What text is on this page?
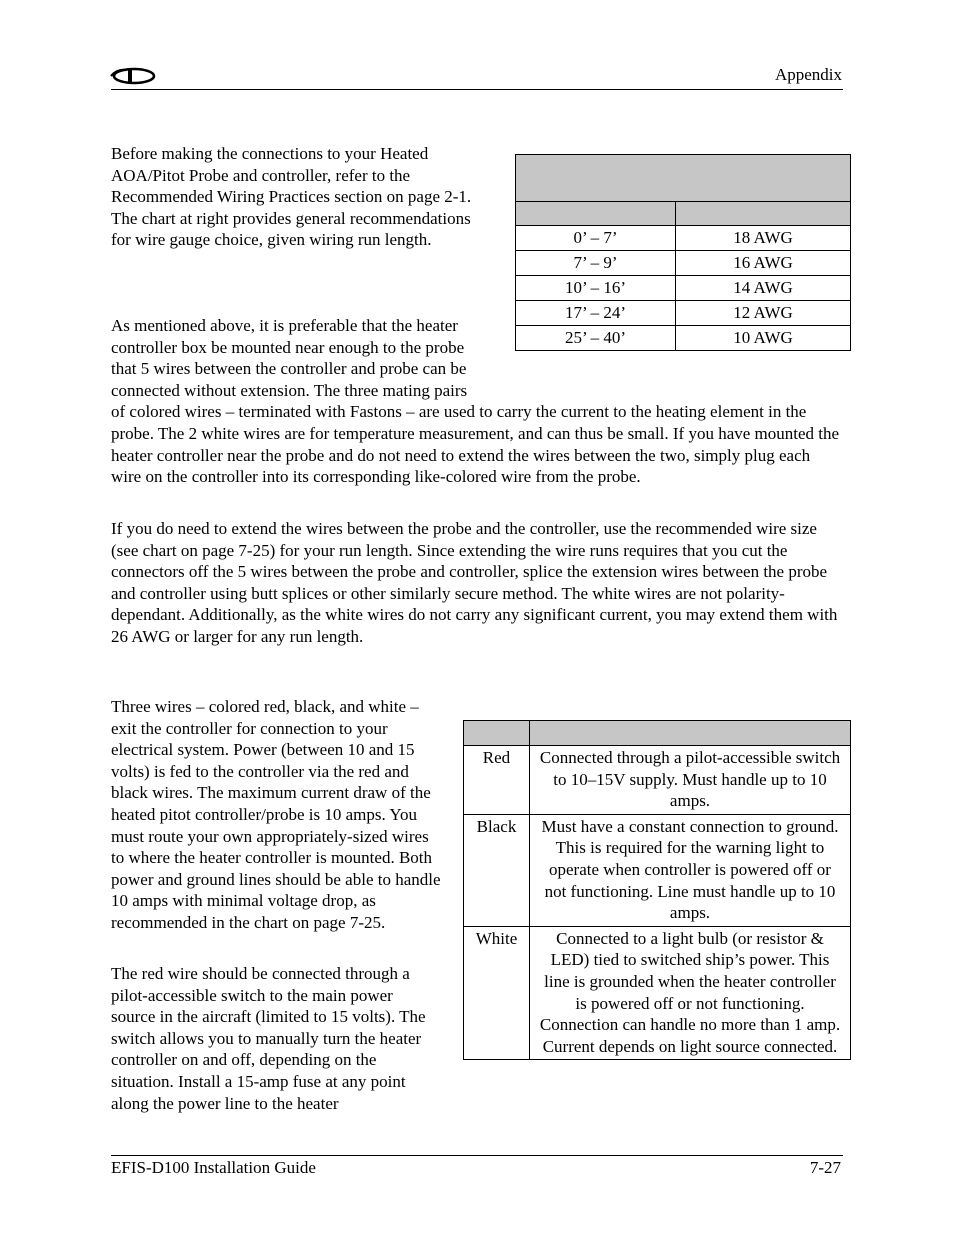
Appendix

Before making the connections to your Heated AOA/Pitot Probe and controller, refer to the Recommended Wiring Practices section on page 2-1. The chart at right provides general recommendations for wire gauge choice, given wiring run length.

		0’ – 7’	18 AWG
7’ – 9’	16 AWG
10’ – 16’	14 AWG
17’ – 24’	12 AWG
25’ – 40’	10 AWG
As mentioned above, it is preferable that the heater controller box be mounted near enough to the probe that 5 wires between the controller and probe can be connected without extension. The three mating pairs of colored wires – terminated with Fastons – are used to carry the current to the heating element in the probe. The 2 white wires are for temperature measurement, and can thus be small. If you have mounted the heater controller near the probe and do not need to extend the wires between the two, simply plug each wire on the controller into its corresponding like-colored wire from the probe.

If you do need to extend the wires between the probe and the controller, use the recommended wire size (see chart on page 7-25) for your run length. Since extending the wire runs requires that you cut the connectors off the 5 wires between the probe and controller, splice the extension wires between the probe and controller using butt splices or other similarly secure method. The white wires are not polarity-dependant. Additionally, as the white wires do not carry any significant current, you may extend them with 26 AWG or larger for any run length.

Three wires – colored red, black, and white – exit the controller for connection to your electrical system. Power (between 10 and 15 volts) is fed to the controller via the red and black wires. The maximum current draw of the heated pitot controller/probe is 10 amps. You must route your own appropriately-sized wires to where the heater controller is mounted. Both power and ground lines should be able to handle 10 amps with minimal voltage drop, as recommended in the chart on page 7-25.

The red wire should be connected through a pilot-accessible switch to the main power source in the aircraft (limited to 15 volts). The switch allows you to manually turn the heater controller on and off, depending on the situation. Install a 15-amp fuse at any point along the power line to the heater

Red	Connected through a pilot-accessible switch to 10–15V supply. Must handle up to 10 amps.
Black	Must have a constant connection to ground. This is required for the warning light to operate when controller is powered off or not functioning. Line must handle up to 10 amps.
White	Connected to a light bulb (or resistor & LED) tied to switched ship’s power. This line is grounded when the heater controller is powered off or not functioning. Connection can handle no more than 1 amp. Current depends on light source connected.
EFIS-D100 Installation Guide	7-27
